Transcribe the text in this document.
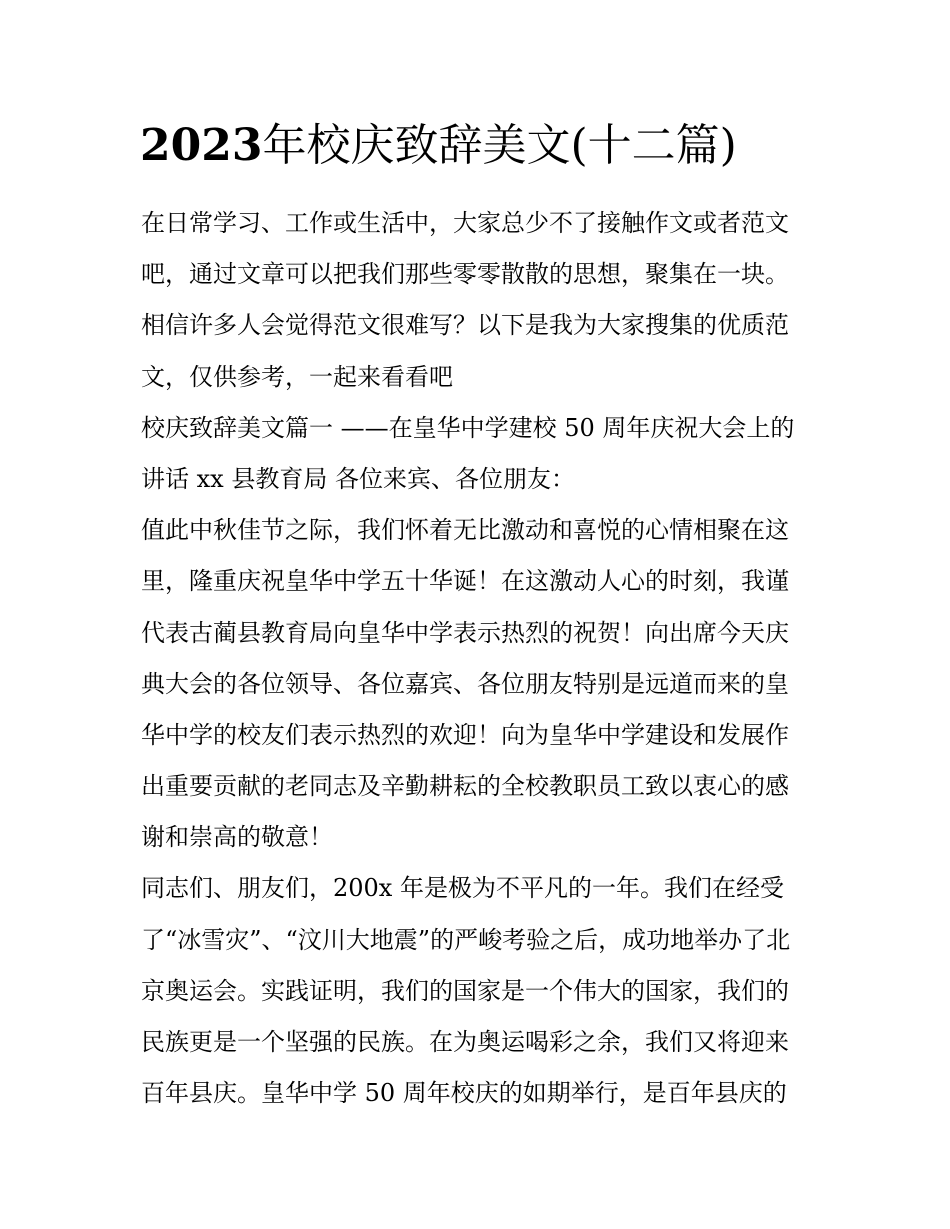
2023年校庆致辞美文(十二篇)
在日常学习、工作或生活中，大家总少不了接触作文或者范文
吧，通过文章可以把我们那些零零散散的思想，聚集在一块。
相信许多人会觉得范文很难写？以下是我为大家搜集的优质范
文，仅供参考，一起来看看吧
校庆致辞美文篇一 ——在皇华中学建校 50 周年庆祝大会上的
讲话 xx 县教育局 各位来宾、各位朋友：
值此中秋佳节之际，我们怀着无比激动和喜悦的心情相聚在这
里，隆重庆祝皇华中学五十华诞！在这激动人心的时刻，我谨
代表古蔺县教育局向皇华中学表示热烈的祝贺！向出席今天庆
典大会的各位领导、各位嘉宾、各位朋友特别是远道而来的皇
华中学的校友们表示热烈的欢迎！向为皇华中学建设和发展作
出重要贡献的老同志及辛勤耕耘的全校教职员工致以衷心的感
谢和崇高的敬意！
同志们、朋友们，200x 年是极为不平凡的一年。我们在经受
了“冰雪灾”、“汶川大地震”的严峻考验之后，成功地举办了北
京奥运会。实践证明，我们的国家是一个伟大的国家，我们的
民族更是一个坚强的民族。在为奥运喝彩之余，我们又将迎来
百年县庆。皇华中学 50 周年校庆的如期举行，是百年县庆的
